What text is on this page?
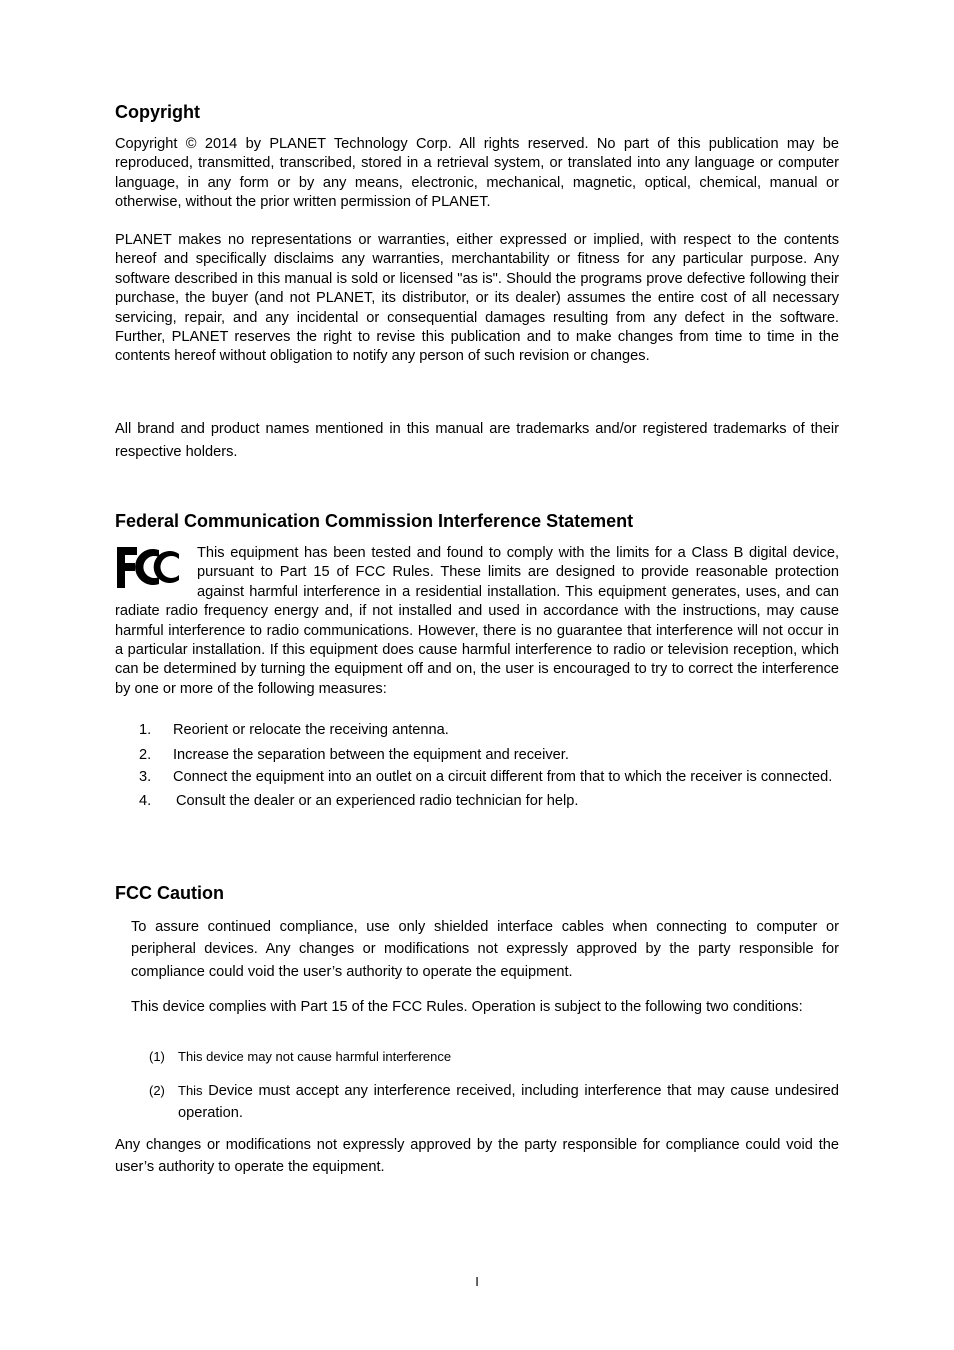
Copyright

Copyright © 2014 by PLANET Technology Corp. All rights reserved. No part of this publication may be reproduced, transmitted, transcribed, stored in a retrieval system, or translated into any language or computer language, in any form or by any means, electronic, mechanical, magnetic, optical, chemical, manual or otherwise, without the prior written permission of PLANET.

PLANET makes no representations or warranties, either expressed or implied, with respect to the contents hereof and specifically disclaims any warranties, merchantability or fitness for any particular purpose. Any software described in this manual is sold or licensed "as is". Should the programs prove defective following their purchase, the buyer (and not PLANET, its distributor, or its dealer) assumes the entire cost of all necessary servicing, repair, and any incidental or consequential damages resulting from any defect in the software. Further, PLANET reserves the right to revise this publication and to make changes from time to time in the contents hereof without obligation to notify any person of such revision or changes.

All brand and product names mentioned in this manual are trademarks and/or registered trademarks of their respective holders.

Federal Communication Commission Interference Statement
This equipment has been tested and found to comply with the limits for a Class B digital device, pursuant to Part 15 of FCC Rules. These limits are designed to provide reasonable protection against harmful interference in a residential installation. This equipment generates, uses, and can radiate radio frequency energy and, if not installed and used in accordance with the instructions, may cause harmful interference to radio communications. However, there is no guarantee that interference will not occur in a particular installation. If this equipment does cause harmful interference to radio or television reception, which can be determined by turning the equipment off and on, the user is encouraged to try to correct the interference by one or more of the following measures:
1. Reorient or relocate the receiving antenna.
2. Increase the separation between the equipment and receiver.
3. Connect the equipment into an outlet on a circuit different from that to which the receiver is connected.
4. Consult the dealer or an experienced radio technician for help.
FCC Caution

To assure continued compliance, use only shielded interface cables when connecting to computer or peripheral devices. Any changes or modifications not expressly approved by the party responsible for compliance could void the user’s authority to operate the equipment.

This device complies with Part 15 of the FCC Rules. Operation is subject to the following two conditions:

(1)	This device may not cause harmful interference
(2)	This Device must accept any interference received, including interference that may cause undesired operation.

Any changes or modifications not expressly approved by the party responsible for compliance could void the user’s authority to operate the equipment.

I
